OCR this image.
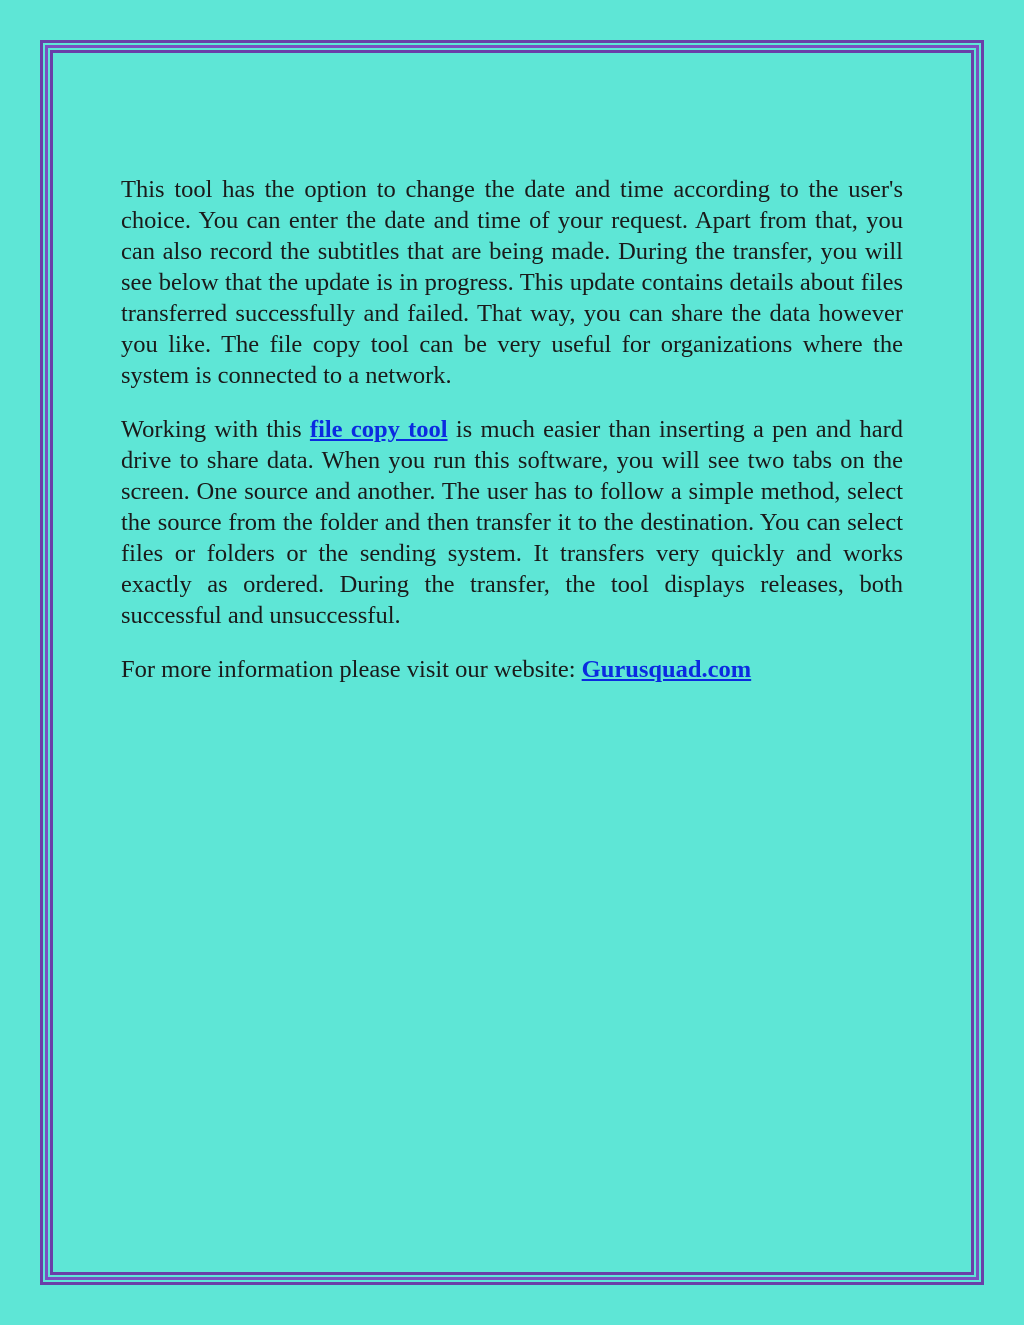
This tool has the option to change the date and time according to the user's choice. You can enter the date and time of your request. Apart from that, you can also record the subtitles that are being made. During the transfer, you will see below that the update is in progress. This update contains details about files transferred successfully and failed. That way, you can share the data however you like. The file copy tool can be very useful for organizations where the system is connected to a network.

Working with this file copy tool is much easier than inserting a pen and hard drive to share data. When you run this software, you will see two tabs on the screen. One source and another. The user has to follow a simple method, select the source from the folder and then transfer it to the destination. You can select files or folders or the sending system. It transfers very quickly and works exactly as ordered. During the transfer, the tool displays releases, both successful and unsuccessful.

For more information please visit our website: Gurusquad.com
